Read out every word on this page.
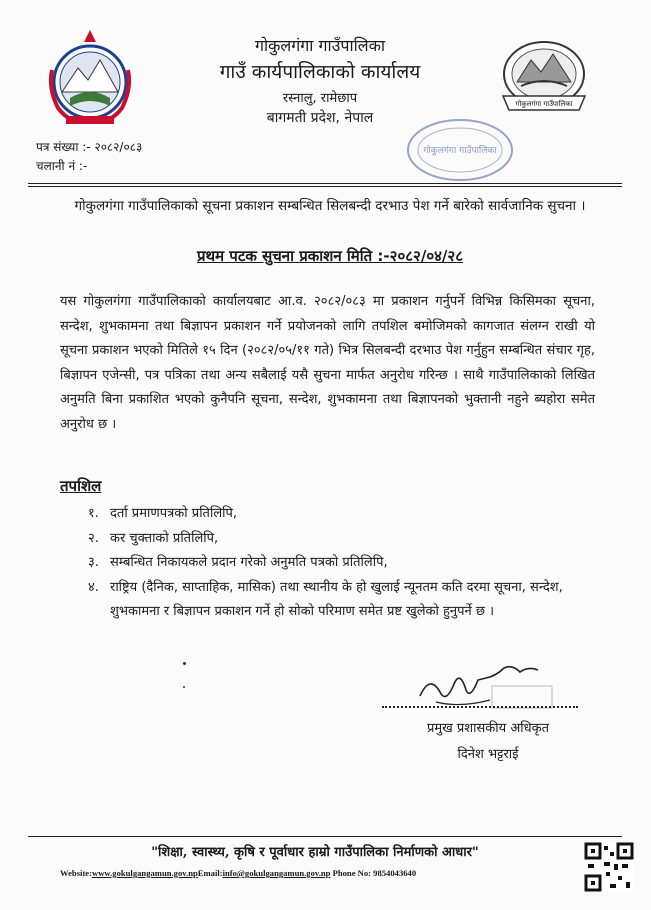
गोकुलगंगा गाउँपालिका
गोकुलगंगा गाउँपालिका
गाउँ कार्यपालिकाको कार्यालय
रस्नालु, रामेछाप
बागमती प्रदेश, नेपाल
पत्र संख्या :- २०८२/०८३
चलानी नं :-
गोकुलगंगा गाउँपालिका
गोकुलगंगा गाउँपालिकाको सूचना प्रकाशन सम्बन्धित सिलबन्दी दरभाउ पेश गर्ने बारेको सार्वजानिक सुचना ।
प्रथम पटक सुचना प्रकाशन मिति :-२०८२/०४/२८
यस गोकुलगंगा गाउँपालिकाको कार्यालयबाट आ.व. २०८२/०८३ मा प्रकाशन गर्नुपर्ने विभिन्न किसिमका सूचना, सन्देश, शुभकामना तथा बिज्ञापन प्रकाशन गर्ने प्रयोजनको लागि तपशिल बमोजिमको कागजात संलग्न राखी यो सूचना प्रकाशन भएको मितिले १५ दिन (२०८२/०५/११ गते) भित्र सिलबन्दी दरभाउ पेश गर्नुहुन सम्बन्धित संचार गृह, बिज्ञापन एजेन्सी, पत्र पत्रिका तथा अन्य सबैलाई यसै सुचना मार्फत अनुरोध गरिन्छ । साथै गाउँपालिकाको लिखित अनुमति बिना प्रकाशित भएको कुनैपनि सूचना, सन्देश, शुभकामना तथा बिज्ञापनको भुक्तानी नहुने ब्यहोरा समेत अनुरोध छ ।
तपशिल
१. दर्ता प्रमाणपत्रको प्रतिलिपि,
२. कर चुक्ताको प्रतिलिपि,
३. सम्बन्धित निकायकले प्रदान गरेको अनुमति पत्रको प्रतिलिपि,
४. राष्ट्रिय (दैनिक, साप्ताहिक, मासिक) तथा स्थानीय के हो खुलाई न्यूनतम कति दरमा सूचना, सन्देश, शुभकामना र बिज्ञापन प्रकाशन गर्ने हो सोको परिमाण समेत प्रष्ट खुलेको हुनुपर्ने छ ।
प्रमुख प्रशासकीय अधिकृत
दिनेश भट्टराई
"शिक्षा, स्वास्थ्य, कृषि र पूर्वाधार हाम्रो गाउँपालिका निर्माणको आधार"
Website:www.gokulgangamun.gov.npEmail:info@gokulgangamun.gov.np Phone No: 9854043640
